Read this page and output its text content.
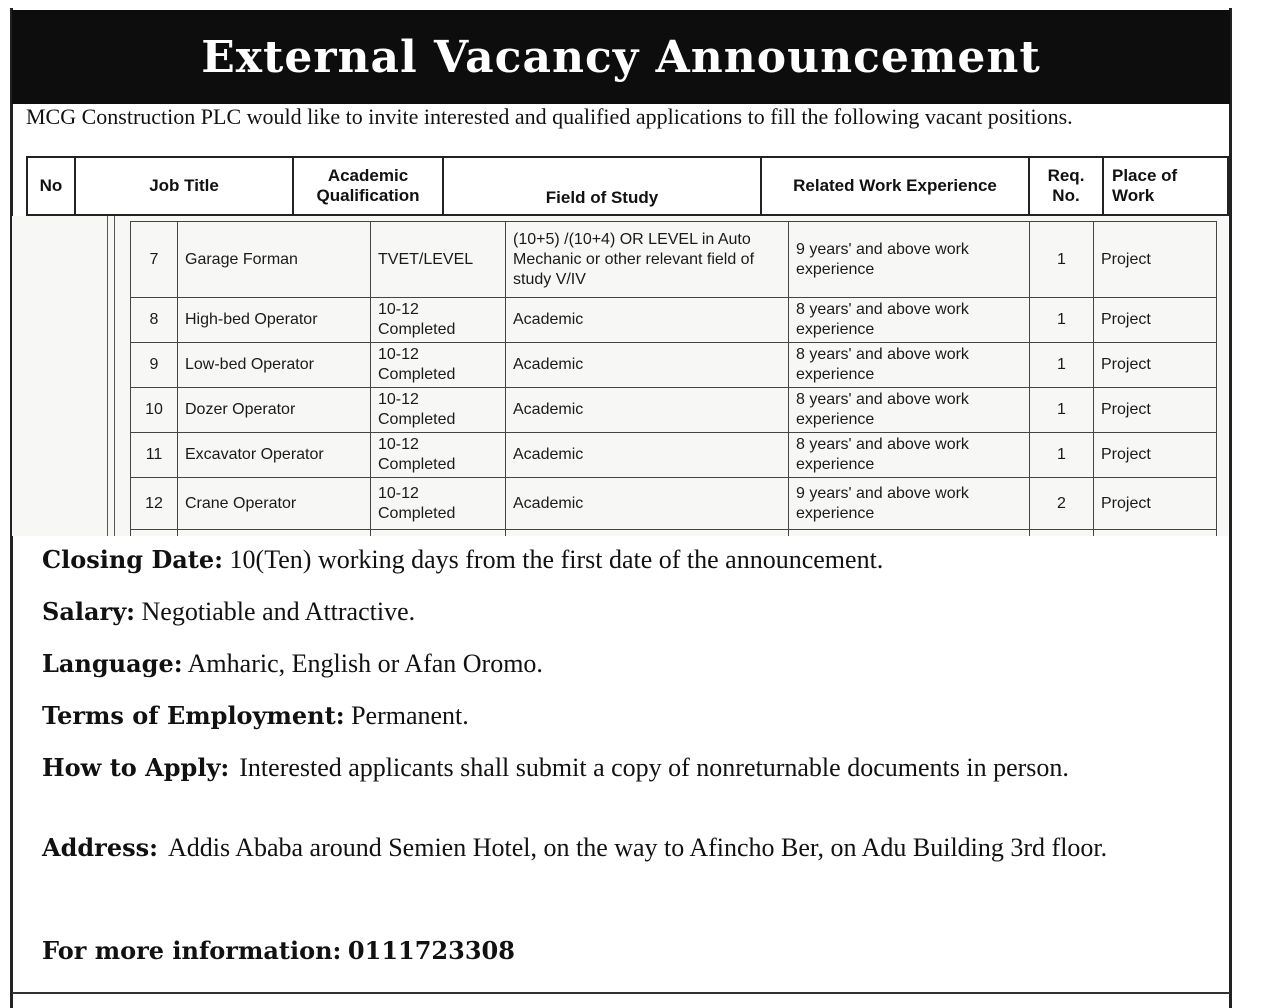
External Vacancy Announcement
MCG Construction PLC would like to invite interested and qualified applications to fill the following vacant positions.
No	Job Title	Academic Qualification	Field of Study	Related Work Experience	Req. No.	Place of Work
7	Garage Forman	TVET/LEVEL	(10+5) /(10+4) OR LEVEL in Auto Mechanic or other relevant field of study V/IV	9 years' and above work experience	1	Project
8	High-bed Operator	10-12 Completed	Academic	8 years' and above work experience	1	Project
9	Low-bed Operator	10-12 Completed	Academic	8 years' and above work experience	1	Project
10	Dozer Operator	10-12 Completed	Academic	8 years' and above work experience	1	Project
11	Excavator Operator	10-12 Completed	Academic	8 years' and above work experience	1	Project
12	Crane Operator	10-12 Completed	Academic	9 years' and above work experience	2	Project

Closing Date: 10(Ten) working days from the first date of the announcement.
Salary: Negotiable and Attractive.
Language: Amharic, English or Afan Oromo.
Terms of Employment: Permanent.
How to Apply: Interested applicants shall submit a copy of nonreturnable documents in person.
Address: Addis Ababa around Semien Hotel, on the way to Afincho Ber, on Adu Building 3rd floor.
For more information: 0111723308
